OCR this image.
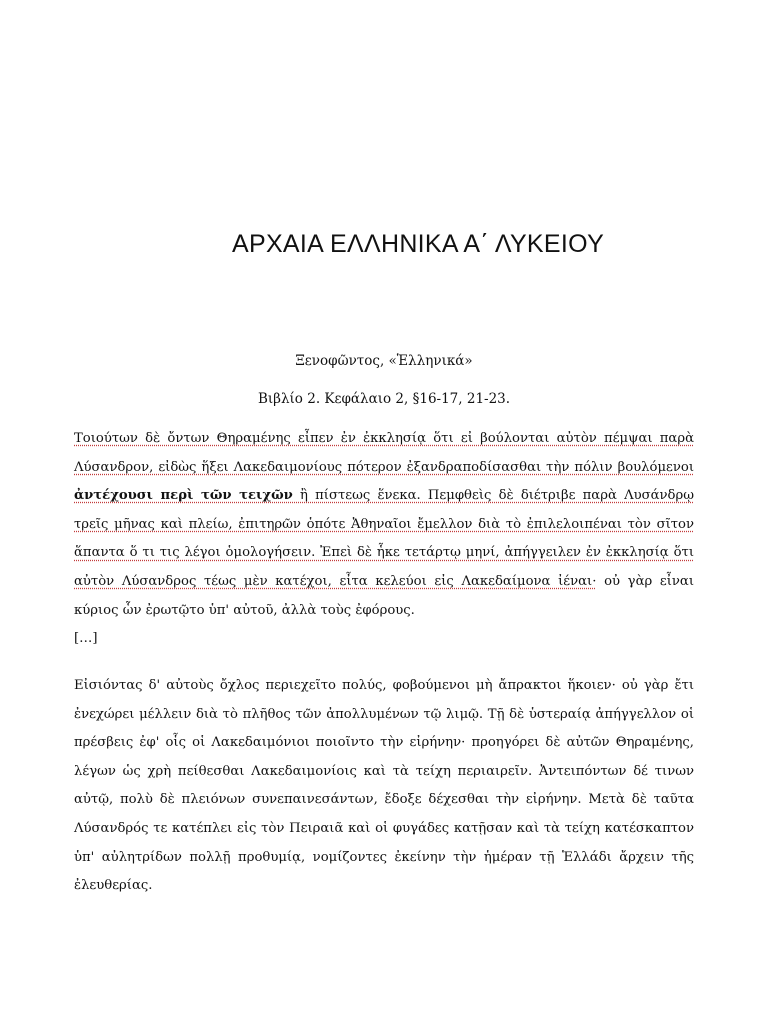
ΑΡΧΑΙΑ ΕΛΛΗΝΙΚΑ Α΄ ΛΥΚΕΙΟΥ

Ξενοφῶντος, «Ἑλληνικά»

Βιβλίο 2. Κεφάλαιο 2, §16-17, 21-23.

Τοιούτων δὲ ὄντων Θηραμένης εἶπεν ἐν ἐκκλησίᾳ ὅτι εἰ βούλονται αὐτὸν πέμψαι παρὰ Λύσανδρον, εἰδὼς ἥξει Λακεδαιμονίους πότερον ἐξανδραποδίσασθαι τὴν πόλιν βουλόμενοι ἀντέχουσι περὶ τῶν τειχῶν ἢ πίστεως ἕνεκα. Πεμφθεὶς δὲ διέτριβε παρὰ Λυσάνδρῳ τρεῖς μῆνας καὶ πλείω, ἐπιτηρῶν ὁπότε Ἀθηναῖοι ἔμελλον διὰ τὸ ἐπιλελοιπέναι τὸν σῖτον ἅπαντα ὅ τι τις λέγοι ὁμολογήσειν. Ἐπεὶ δὲ ἧκε τετάρτῳ μηνί, ἀπήγγειλεν ἐν ἐκκλησίᾳ ὅτι αὐτὸν Λύσανδρος τέως μὲν κατέχοι, εἶτα κελεύοι εἰς Λακεδαίμονα ἰέναι· οὐ γὰρ εἶναι κύριος ὧν ἐρωτῷτο ὑπ' αὐτοῦ, ἀλλὰ τοὺς ἐφόρους.
[…]

Εἰσιόντας δ' αὐτοὺς ὄχλος περιεχεῖτο πολύς, φοβούμενοι μὴ ἄπρακτοι ἥκοιεν· οὐ γὰρ ἔτι ἐνεχώρει μέλλειν διὰ τὸ πλῆθος τῶν ἀπολλυμένων τῷ λιμῷ. Τῇ δὲ ὑστεραίᾳ ἀπήγγελλον οἱ πρέσβεις ἐφ' οἷς οἱ Λακεδαιμόνιοι ποιοῖντο τὴν εἰρήνην· προηγόρει δὲ αὐτῶν Θηραμένης, λέγων ὡς χρὴ πείθεσθαι Λακεδαιμονίοις καὶ τὰ τείχη περιαιρεῖν. Ἀντειπόντων δέ τινων αὐτῷ, πολὺ δὲ πλειόνων συνεπαινεσάντων, ἔδοξε δέχεσθαι τὴν εἰρήνην. Μετὰ δὲ ταῦτα Λύσανδρός τε κατέπλει εἰς τὸν Πειραιᾶ καὶ οἱ φυγάδες κατῇσαν καὶ τὰ τείχη κατέσκαπτον ὑπ' αὐλητρίδων πολλῇ προθυμίᾳ, νομίζοντες ἐκείνην τὴν ἡμέραν τῇ Ἑλλάδι ἄρχειν τῆς ἐλευθερίας.
